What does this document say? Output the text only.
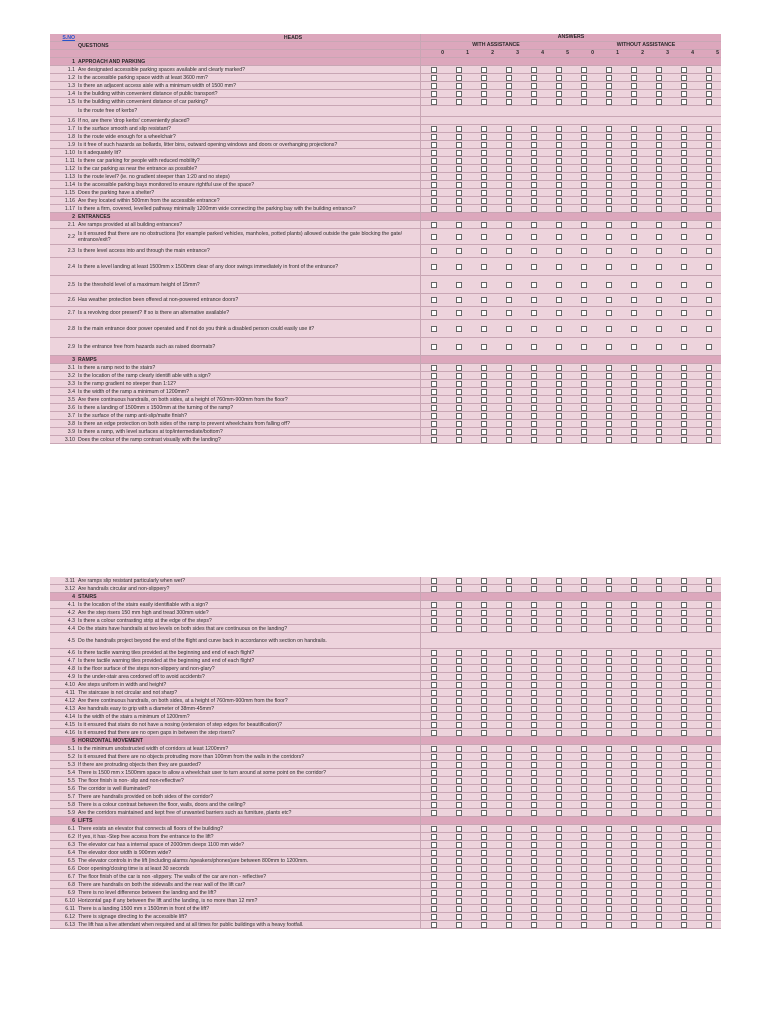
S.NO	HEADS	ANSWERS
QUESTIONS	WITH ASSISTANCE	WITHOUT ASSISTANCE
0	1	2	3	4	5	0	1	2	3	4	5
1 APPROACH AND PARKING
1.1 Are designated accessible parking spaces available and clearly marked?
1.2 Is the accessible parking space width at least 3600 mm?
1.3 Is there an adjacent access aisle with a minimum width of 1500 mm?
1.4 Is the building within convenient distance of public transport?
1.5 Is the building within convenient distance of car parking?
Is the route free of kerbs?
1.6 If no, are there 'drop kerbs' conveniently placed?
1.7 Is the surface smooth and slip resistant?
1.8 Is the route wide enough for a wheelchair?
1.9 Is it free of such hazards as bollards, litter bins, outward opening windows and doors or overhanging projections?
1.10 Is it adequately lit?
1.11 Is there car parking for people with reduced mobility?
1.12 Is the car parking as near the entrance as possible?
1.13 Is the route level? (ie. no gradient steeper than 1:20 and no steps)
1.14 Is the accessible parking bays monitored to ensure rightful use of the space?
1.15 Does the parking have a shelter?
1.16 Are they located within 500mm from the accessible entrance?
1.17 Is there a firm, covered, levelled pathway minimally 1200mm wide connecting the parking bay with the building entrance?
2 ENTRANCES
2.1 Are ramps provided at all building entrances?
2.2 Is it ensured that there are no obstructions (for example parked vehicles, manholes, potted plants) allowed outside the gate blocking the gate/ entrance/exit?
2.3 Is there level access into and through the main entrance?
2.4 Is there a level landing at least 1500mm x 1500mm clear of any door swings immediately in front of the entrance?
2.5 Is the threshold level of a maximum height of 15mm?
2.6 Has weather protection been offered at non-powered entrance doors?
2.7 Is a revolving door present? If so is there an alternative available?
2.8 Is the main entrance door power operated and if not do you think a disabled person could easily use it?
2.9 Is the entrance free from hazards such as raised doormats?
3 RAMPS
3.1 Is there a ramp next to the stairs?
3.2 Is the location of the ramp clearly identifi able with a sign?
3.3 Is the ramp gradient no steeper than 1:12?
3.4 Is the width of the ramp a minimum of 1200mm?
3.5 Are there continuous handrails, on both sides, at a height of 760mm-900mm from the floor?
3.6 Is there a landing of 1500mm x 1500mm at the turning of the ramp?
3.7 Is the surface of the ramp anti-slip/matte finish?
3.8 Is there an edge protection on both sides of the ramp to prevent wheelchairs from falling off?
3.9 Is there a ramp, with level surfaces at top/intermediate/bottom?
3.10 Does the colour of the ramp contrast visually with the landing?
3.11 Are ramps slip resistant particularly when wet?
3.12 Are handrails circular and non-slippery?
4 STAIRS
4.1 Is the location of the stairs easily identifiable with a sign?
4.2 Are the step risers 150 mm high and tread 300mm wide?
4.3 Is there a colour contrasting strip at the edge of the steps?
4.4 Do the stairs have handrails at two levels on both sides that are continuous on the landing?
4.5 Do the handrails project beyond the end of the flight and curve back in accordance with section on handrails.
4.6 Is there tactile warning tiles provided at the beginning and end of each flight?
4.7 Is there tactile warning tiles provided at the beginning and end of each flight?
4.8 Is the floor surface of the steps non-slippery and non-glary?
4.9 Is the under-stair area cordoned off to avoid accidents?
4.10 Are steps uniform in width and height?
4.11 The staircase is not circular and not sharp?
4.12 Are there continuous handrails, on both sides, at a height of 760mm-900mm from the floor?
4.13 Are handrails easy to grip with a diameter of 38mm-45mm?
4.14 Is the width of the stairs a minimum of 1200mm?
4.15 Is it ensured that stairs do not have a nosing (extension of step edges for beautification)?
4.16 Is it ensured that there are no open gaps in between the step risers?
5 HORIZONTAL MOVEMENT
5.1 Is the minimum unobstructed width of corridors at least 1200mm?
5.2 Is it ensured that there are no objects protruding more than 100mm from the walls in the corridors?
5.3 If there are protruding objects then they are guarded?
5.4 There is 1500 mm x 1500mm space to allow a wheelchair user to turn around at some point on the corridor?
5.5 The floor finish is non- slip and non-reflective?
5.6 The corridor is well illuminated?
5.7 There are handrails provided on both sides of the corridor?
5.8 There is a colour contrast between the floor, walls, doors and the ceiling?
5.9 Are the corridors maintained and kept free of unwanted barriers such as furniture, plants etc?
6 LIFTS
6.1 There exists an elevator that connects all floors of the building?
6.2 If yes, it has -Step free access from the entrance to the lift?
6.3 The elevator car has a internal space of 2000mm deepx 1100 mm wide?
6.4 The elevator door width is 900mm wide?
6.5 The elevator controls in the lift (including alarms /speakers/phones)are between 800mm to 1200mm.
6.6 Door opening/closing time is at least 30 seconds
6.7 The floor finish of the car is non -slippery. The walls of the car are non - reflective?
6.8 There are handrails on both the sidewalls and the rear wall of the lift car?
6.9 There is no level difference between the landing and the lift?
6.10 Horizontal gap if any between the lift and the landing, is no more than 12 mm?
6.11 There is a landing 1500 mm x 1500mm in front of the lift?
6.12 There is signage directing to the accessible lift?
6.13 The lift has a live attendant when required and at all times for public buildings with a heavy footfall.
